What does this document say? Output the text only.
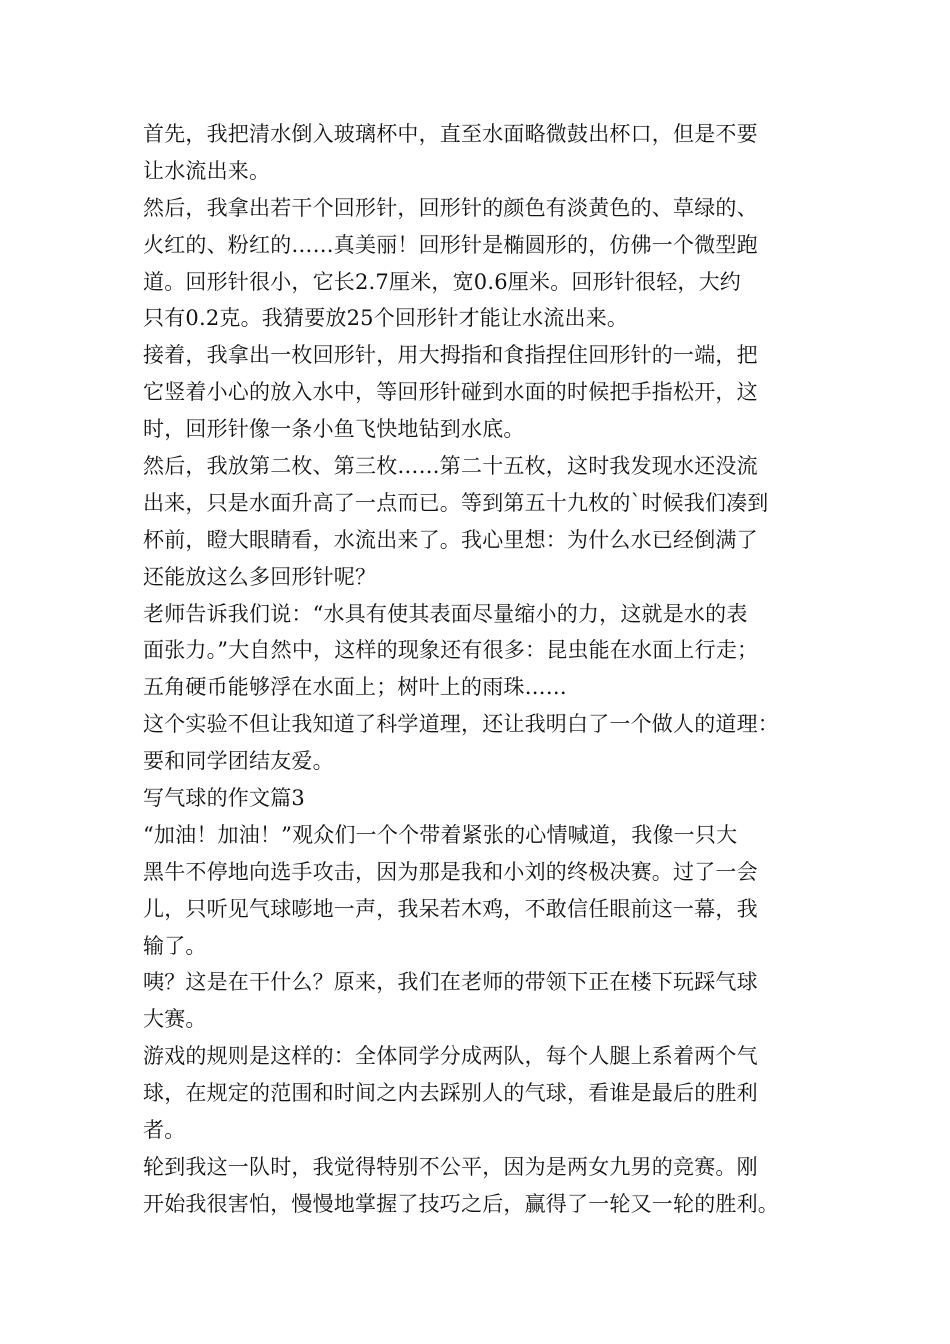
首先，我把清水倒入玻璃杯中，直至水面略微鼓出杯口，但是不要
让水流出来。
然后，我拿出若干个回形针，回形针的颜色有淡黄色的、草绿的、
火红的、粉红的……真美丽！回形针是椭圆形的，仿佛一个微型跑
道。回形针很小，它长2.7厘米，宽0.6厘米。回形针很轻，大约
只有0.2克。我猜要放25个回形针才能让水流出来。
接着，我拿出一枚回形针，用大拇指和食指捏住回形针的一端，把
它竖着小心的放入水中，等回形针碰到水面的时候把手指松开，这
时，回形针像一条小鱼飞快地钻到水底。
然后，我放第二枚、第三枚……第二十五枚，这时我发现水还没流
出来，只是水面升高了一点而已。等到第五十九枚的`时候我们凑到
杯前，瞪大眼睛看，水流出来了。我心里想：为什么水已经倒满了
还能放这么多回形针呢？
老师告诉我们说：“水具有使其表面尽量缩小的力，这就是水的表
面张力。”大自然中，这样的现象还有很多：昆虫能在水面上行走；
五角硬币能够浮在水面上；树叶上的雨珠……
这个实验不但让我知道了科学道理，还让我明白了一个做人的道理：
要和同学团结友爱。
写气球的作文篇3
“加油！加油！”观众们一个个带着紧张的心情喊道，我像一只大
黑牛不停地向选手攻击，因为那是我和小刘的终极决赛。过了一会
儿，只听见气球嘭地一声，我呆若木鸡，不敢信任眼前这一幕，我
输了。
咦？这是在干什么？原来，我们在老师的带领下正在楼下玩踩气球
大赛。
游戏的规则是这样的：全体同学分成两队，每个人腿上系着两个气
球，在规定的范围和时间之内去踩别人的气球，看谁是最后的胜利
者。
轮到我这一队时，我觉得特别不公平，因为是两女九男的竞赛。刚
开始我很害怕，慢慢地掌握了技巧之后，赢得了一轮又一轮的胜利。
